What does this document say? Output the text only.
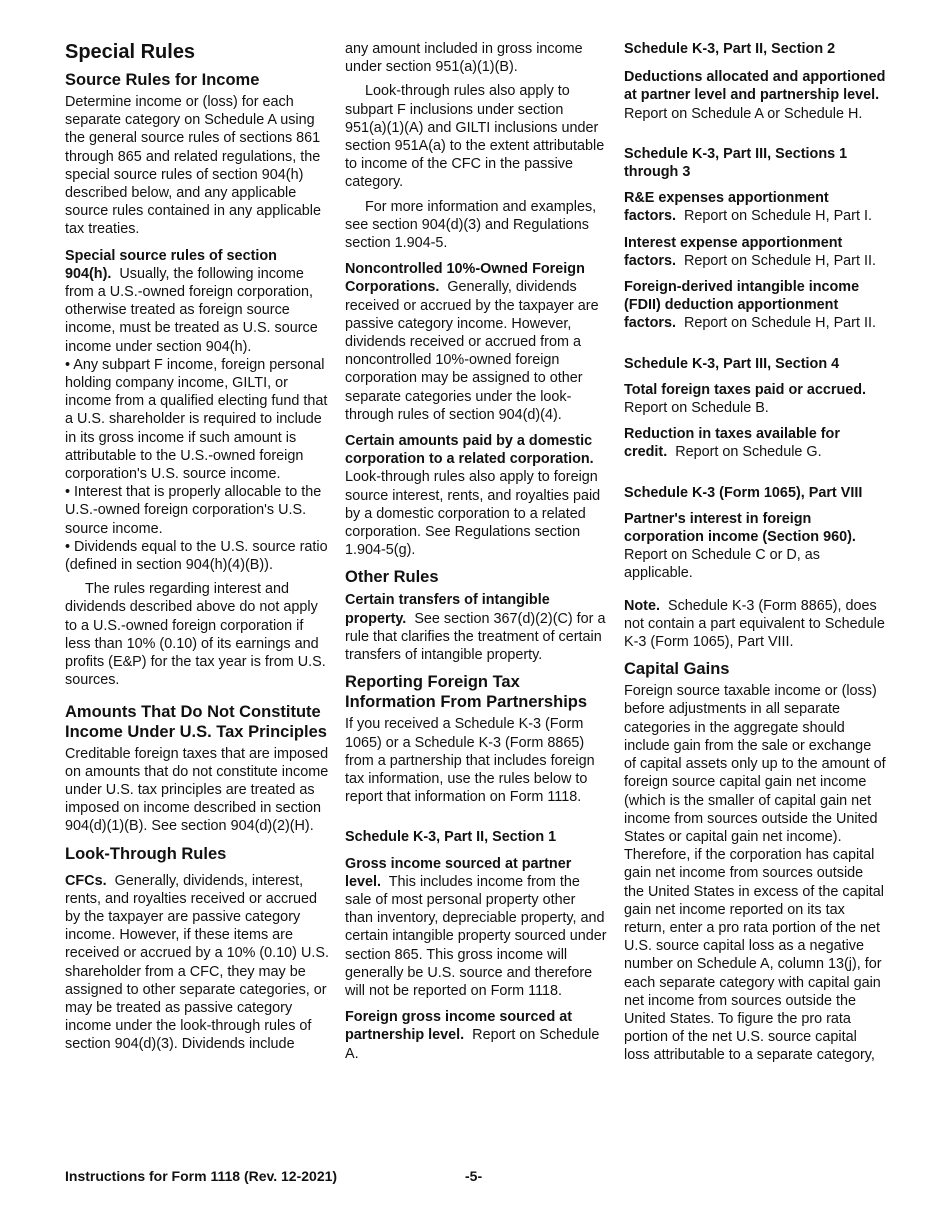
Special Rules
Source Rules for Income

Determine income or (loss) for each separate category on Schedule A using the general source rules of sections 861 through 865 and related regulations, the special source rules of section 904(h) described below, and any applicable source rules contained in any applicable tax treaties.

Special source rules of section 904(h). Usually, the following income from a U.S.-owned foreign corporation, otherwise treated as foreign source income, must be treated as U.S. source income under section 904(h).

• Any subpart F income, foreign personal holding company income, GILTI, or income from a qualified electing fund that a U.S. shareholder is required to include in its gross income if such amount is attributable to the U.S.-owned foreign corporation's U.S. source income.

• Interest that is properly allocable to the U.S.-owned foreign corporation's U.S. source income.

• Dividends equal to the U.S. source ratio (defined in section 904(h)(4)(B)).

The rules regarding interest and dividends described above do not apply to a U.S.-owned foreign corporation if less than 10% (0.10) of its earnings and profits (E&P) for the tax year is from U.S. sources.

Amounts That Do Not Constitute Income Under U.S. Tax Principles

Creditable foreign taxes that are imposed on amounts that do not constitute income under U.S. tax principles are treated as imposed on income described in section 904(d)(1)(B). See section 904(d)(2)(H).

Look-Through Rules

CFCs. Generally, dividends, interest, rents, and royalties received or accrued by the taxpayer are passive category income. However, if these items are received or accrued by a 10% (0.10) U.S. shareholder from a CFC, they may be assigned to other separate categories, or may be treated as passive category income under the look-through rules of section 904(d)(3). Dividends include

any amount included in gross income under section 951(a)(1)(B).

Look-through rules also apply to subpart F inclusions under section 951(a)(1)(A) and GILTI inclusions under section 951A(a) to the extent attributable to income of the CFC in the passive category.

For more information and examples, see section 904(d)(3) and Regulations section 1.904-5.

Noncontrolled 10%-Owned Foreign Corporations. Generally, dividends received or accrued by the taxpayer are passive category income. However, dividends received or accrued from a noncontrolled 10%-owned foreign corporation may be assigned to other separate categories under the look-through rules of section 904(d)(4).

Certain amounts paid by a domestic corporation to a related corporation.  Look-through rules also apply to foreign source interest, rents, and royalties paid by a domestic corporation to a related corporation. See Regulations section 1.904-5(g).

Other Rules

Certain transfers of intangible property. See section 367(d)(2)(C) for a rule that clarifies the treatment of certain transfers of intangible property.

Reporting Foreign Tax Information From Partnerships

If you received a Schedule K-3 (Form 1065) or a Schedule K-3 (Form 8865) from a partnership that includes foreign tax information, use the rules below to report that information on Form 1118.

Schedule K-3, Part II, Section 1

Gross income sourced at partner level. This includes income from the sale of most personal property other than inventory, depreciable property, and certain intangible property sourced under section 865. This gross income will generally be U.S. source and therefore will not be reported on Form 1118.

Foreign gross income sourced at partnership level. Report on Schedule A.

Schedule K-3, Part II, Section 2

Deductions allocated and apportioned at partner level and partnership level.  Report on Schedule A or Schedule H.

Schedule K-3, Part III, Sections 1 through 3

R&E expenses apportionment factors. Report on Schedule H, Part I.

Interest expense apportionment factors. Report on Schedule H, Part II.

Foreign-derived intangible income (FDII) deduction apportionment factors. Report on Schedule H, Part II.

Schedule K-3, Part III, Section 4

Total foreign taxes paid or accrued.  Report on Schedule B.

Reduction in taxes available for credit. Report on Schedule G.

Schedule K-3 (Form 1065), Part VIII

Partner's interest in foreign corporation income (Section 960). Report on Schedule C or D, as applicable.

Note. Schedule K-3 (Form 8865), does not contain a part equivalent to Schedule K-3 (Form 1065), Part VIII.

Capital Gains

Foreign source taxable income or (loss) before adjustments in all separate categories in the aggregate should include gain from the sale or exchange of capital assets only up to the amount of foreign source capital gain net income (which is the smaller of capital gain net income from sources outside the United States or capital gain net income). Therefore, if the corporation has capital gain net income from sources outside the United States in excess of the capital gain net income reported on its tax return, enter a pro rata portion of the net U.S. source capital loss as a negative number on Schedule A, column 13(j), for each separate category with capital gain net income from sources outside the United States. To figure the pro rata portion of the net U.S. source capital loss attributable to a separate category,

Instructions for Form 1118 (Rev. 12-2021)	-5-
